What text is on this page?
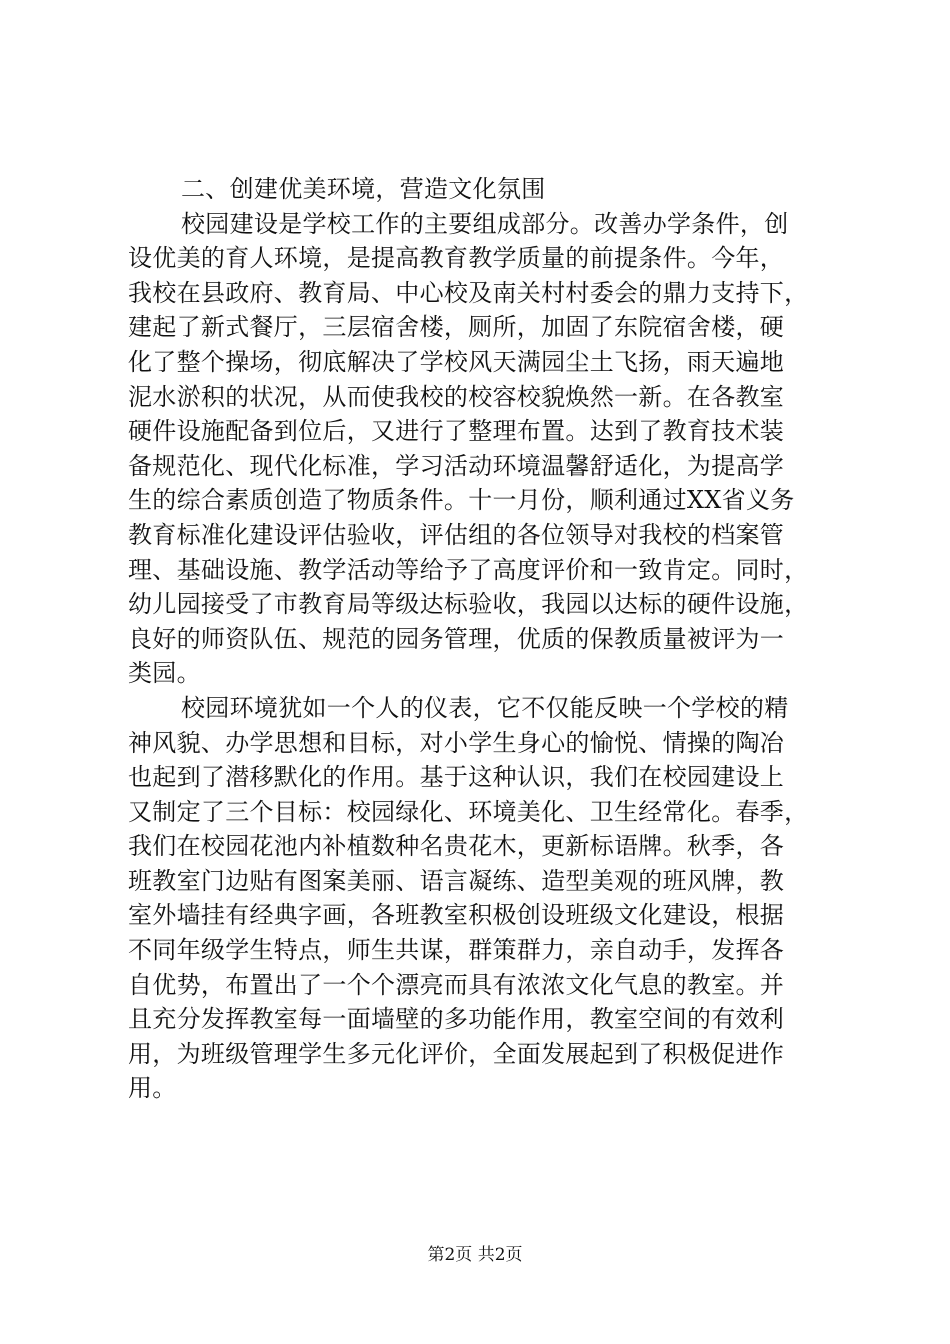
二、创建优美环境，营造文化氛围
校园建设是学校工作的主要组成部分。改善办学条件，创
设优美的育人环境，是提高教育教学质量的前提条件。今年，
我校在县政府、教育局、中心校及南关村村委会的鼎力支持下，
建起了新式餐厅，三层宿舍楼，厕所，加固了东院宿舍楼，硬
化了整个操场，彻底解决了学校风天满园尘土飞扬，雨天遍地
泥水淤积的状况，从而使我校的校容校貌焕然一新。在各教室
硬件设施配备到位后，又进行了整理布置。达到了教育技术装
备规范化、现代化标准，学习活动环境温馨舒适化，为提高学
生的综合素质创造了物质条件。十一月份，顺利通过XX省义务
教育标准化建设评估验收，评估组的各位领导对我校的档案管
理、基础设施、教学活动等给予了高度评价和一致肯定。同时，
幼儿园接受了市教育局等级达标验收，我园以达标的硬件设施，
良好的师资队伍、规范的园务管理，优质的保教质量被评为一
类园。
校园环境犹如一个人的仪表，它不仅能反映一个学校的精
神风貌、办学思想和目标，对小学生身心的愉悦、情操的陶冶
也起到了潜移默化的作用。基于这种认识，我们在校园建设上
又制定了三个目标：校园绿化、环境美化、卫生经常化。春季，
我们在校园花池内补植数种名贵花木，更新标语牌。秋季，各
班教室门边贴有图案美丽、语言凝练、造型美观的班风牌，教
室外墙挂有经典字画，各班教室积极创设班级文化建设，根据
不同年级学生特点，师生共谋，群策群力，亲自动手，发挥各
自优势，布置出了一个个漂亮而具有浓浓文化气息的教室。并
且充分发挥教室每一面墙壁的多功能作用，教室空间的有效利
用，为班级管理学生多元化评价，全面发展起到了积极促进作
用。
第2页 共2页
